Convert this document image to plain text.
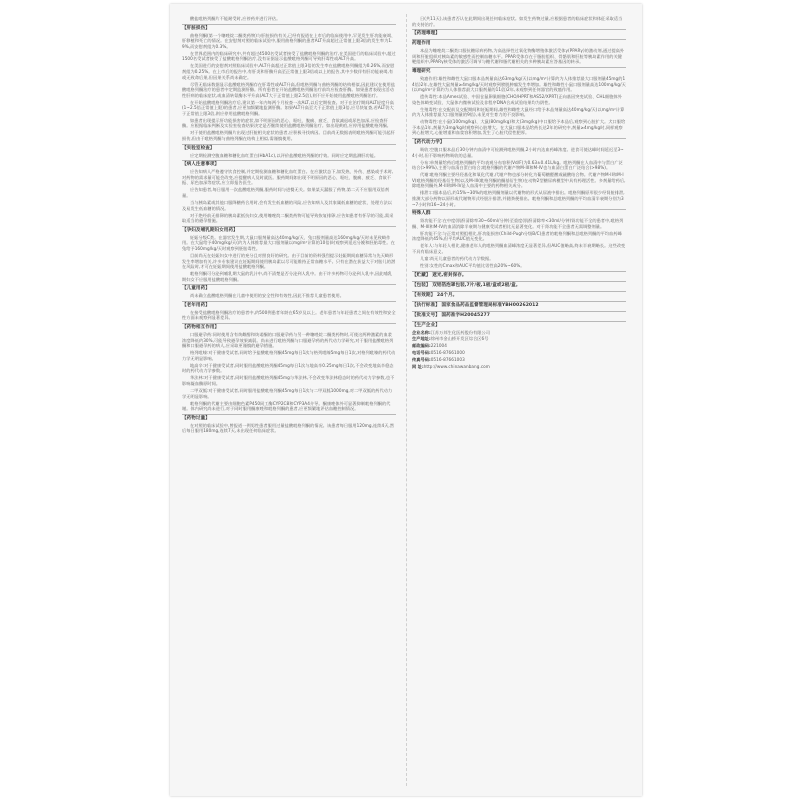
酸盐吡格列酮片不能耐受时,应停药并进行评估。

【肝脏损伤】

曲格列酮(第一个噻唑烷二酮类药物)与肝脏损伤有关,已经有报道在上市后的临床使用中,罕见发生肝功能衰竭、肝移植和死亡的情况。在安慰剂对照的临床试验中,服用曲格列酮的患者ALT升高超过正常值上限3倍的发生率为1.9%,而安慰剂组为0.3%。

在世界范围内的临床研究中,共有超过4500名受试者接受了盐酸吡格列酮的治疗,在美国进行的临床试验中,超过1500名受试者接受了盐酸吡格列酮治疗,没有证据显示盐酸吡格列酮可导致肝毒性或ALT升高。

在美国进行的安慰剂对照临床试验中,ALT升高超过正常值上限3倍的发生率在盐酸吡格列酮组为0.26%,而安慰剂组为0.25%。在上市后的报告中,有肝炎和肝酶升高至正常值上限3倍或以上的报告,其中少数伴有肝功能衰竭,有或无致命后果,但因果关系尚未确定。

尽管无临床数据显示盐酸吡格列酮存在肝毒性或ALT升高,但吡格列酮与曲格列酮的结构相似,因此建议在使用盐酸吡格列酮治疗的患者中定期监测肝酶。所有患者在开始盐酸吡格列酮治疗前均应检查肝酶。如果患者表现出活动性肝病的临床症状,或血清转氨酶水平升高(ALT大于正常值上限2.5倍),则不应开始使用盐酸吡格列酮治疗。

在开始盐酸吡格列酮治疗后,建议第一年内每两个月检查一次ALT,以后定期检查。对于在治疗期间ALT轻度升高(1~2.5倍正常值上限)的患者,应更加频繁地监测肝酶。如果ALT升高至大于正常值上限3倍,应尽快复查,若ALT仍大于正常值上限3倍,则应停用盐酸吡格列酮。

如患者出现提示肝功能损害的症状,如不明原因的恶心、呕吐、腹痛、疲乏、食欲减退或尿色加深,应检查肝酶。应根据临床判断及实验室检查结果决定是否继续使用盐酸吡格列酮治疗。如出现黄疸,应停用盐酸吡格列酮。

对于使用盐酸吡格列酮片出现过肝脏相关症状的患者,应积极寻找病因。目前尚无数据表明吡格列酮可能引起肝损伤,但由于吡格列酮与曲格列酮在结构上相似,需谨慎使用。

【实验室检查】

应定期检测空腹血糖和糖化血红蛋白(HbA1c),以评价盐酸吡格列酮的疗效。同时应定期监测肝功能。

【病人注意事项】

应告知病人严格遵守饮食控制,并定期检测血糖和糖化血红蛋白。在应激状态下,如发热、外伤、感染或手术时,对药物的需求量可能会改变,应提醒病人及时就医。服药期间如出现不明原因的恶心、呕吐、腹痛、疲乏、食欲不振、尿色加深等症状,应立即报告医生。

应告知患者,每日服用一次盐酸吡格列酮,服药时间与进餐无关。如果某天漏服了药物,第二天不应服用双倍剂量。

当与胰岛素或其他口服降糖药合用时,会有发生低血糖的风险,应告知病人及其家属低血糖的症状、处理方法以及易发生低血糖的情况。

对于绝经前无排卵的胰岛素抵抗妇女,使用噻唑烷二酮类药物可能导致恢复排卵,应告知患者有怀孕的可能,需采取适当的避孕措施。

【孕妇及哺乳期妇女用药】

妊娠分级C类。在器官发生期,大鼠口服剂量高达40mg/kg/天、兔口服剂量高达160mg/kg/天时未见致畸作用。在大鼠给予40mg/kg/天(约为人体推荐最大口服剂量以mg/m²计算的10倍)时观察到延迟分娩和胚胎毒性。在兔给予160mg/kg/天时观察到胚胎毒性。

目前尚无在妊娠妇女中进行的充分且对照良好的研究。由于目前的资料强烈提示妊娠期间血糖异常与先天畸形发生率增加有关,许多专家建议在妊娠期间使用胰岛素以尽可能维持正常血糖水平。只有在潜在获益大于对胎儿的潜在风险时,才可在妊娠期间使用盐酸吡格列酮。

吡格列酮可分泌到哺乳期大鼠的乳汁中,尚不清楚是否分泌到人乳中。由于许多药物可分泌到人乳中,因此哺乳期妇女不应服用盐酸吡格列酮。

【儿童用药】

尚未确立盐酸吡格列酮在儿童中使用的安全性和有效性,因此不推荐儿童患者使用。

【老年用药】

在接受盐酸吡格列酮治疗的患者中,约500例患者年龄在65岁及以上。老年患者与年轻患者之间在有效性和安全性方面未观察到显著差异。

【药物相互作用】

口服避孕药:同时使用含有炔雌醇和炔诺酮的口服避孕药与另一种噻唑烷二酮类药物时,可使这两种激素的血浆浓度降低约30%,可能导致避孕效果减弱。尚未进行吡格列酮与口服避孕药的药代动力学研究,对于服用盐酸吡格列酮和口服避孕药的病人,应采取更谨慎的避孕措施。

格列吡嗪:对于健康受试者,同时给予盐酸吡格列酮45mg每日1次与格列吡嗪5mg每日1次,对格列吡嗪的药代动力学无明显影响。

地高辛:对于健康受试者,同时服用盐酸吡格列酮45mg每日1次与地高辛0.25mg每日1次,不会改变地高辛稳态时的药代动力学参数。

华法林:对于健康受试者,同时服用盐酸吡格列酮45mg与华法林,不会改变华法林稳态时的药代动力学参数,也不影响凝血酶原时间。

二甲双胍:对于健康受试者,同时服用盐酸吡格列酮45mg每日1次与二甲双胍1000mg,对二甲双胍的药代动力学无明显影响。

吡格列酮的代谢主要由细胞色素P450同工酶CYP2C8和CYP3A4介导。酮康唑体外可显著抑制吡格列酮的代谢。体内研究尚未进行,对于同时服用酮康唑和吡格列酮的患者,应更频繁地评估血糖控制情况。

【药物过量】

在对照的临床试验中,曾报道一例男性患者服用过量盐酸吡格列酮的情况。该患者每日服用120mg,连续4天,然后每日服用180mg,连续7天,未出现任何临床症状。

日(共11天),该患者否认在此期间出现任何临床症状。如发生药物过量,应根据患者的临床症状和体征采取适当的支持治疗。

【药理毒理】
药理作用

本品为噻唑烷二酮类口服抗糖尿病药物,为高选择性过氧化物酶增殖体激活受体γ(PPARγ)的激动剂,通过提高外周和肝脏组织对胰岛素的敏感性而控制血糖水平。PPAR受体存在于脂肪组织、骨骼肌和肝脏等胰岛素作用的关键靶组织中,PPARγ核受体的激活可调节与糖代谢和脂代谢相关的多种胰岛素应答基因的转录。

毒理研究

致癌作用:雄性和雌性大鼠口服本品剂量高达63mg/kg/天(以mg/m²计算约为人体推荐最大口服剂量45mg的14倍)2年,在雄性大鼠剂量≥4mg/kg/天时观察到膀胱肿瘤发生率增加。雄性和雌性小鼠口服剂量高达100mg/kg/天(以mg/m²计算约为人体推荐最大口服剂量的11倍)2年,未观察到任何器官的致癌作用。

遗传毒性:本品Ames试验、中国仓鼠卵巢细胞(CHO/HPRT和AS52/XPRT)正向基因突变试验、CHL细胞体外染色体畸变试验、大鼠体内微核试验及非程序DNA合成试验结果均为阴性。

生殖毒性:在交配前及交配期间和妊娠期间,雄性和雌性大鼠经口给予本品剂量高达40mg/kg/天(以mg/m²计算约为人体推荐最大口服剂量的9倍),未见对生育力的不良影响。

动物毒性:在小鼠(100mg/kg)、大鼠(80mg/kg)和犬(3mg/kg)中口服给予本品后,观察到心脏扩大。犬口服给予本品1年,剂量为3mg/kg时观察到心脏增大。在大鼠口服本品给药长达2年的研究中,剂量≥4mg/kg时,同样观察到心脏增大,心脏增重和血浆容积增加,发生了心脏代偿性肥厚。

【药代动力学】

吸收:空腹口服本品后30分钟内血清中可检测到吡格列酮,2小时内达血药峰浓度。进食可使达峰时间延迟至3~4小时,但不影响药物吸收的总量。

分布:单剂量给药后吡格列酮的平均表观分布容积(Vd/F)为0.63±0.41L/kg。吡格列酮在人血清中与蛋白广泛结合(>99%),主要与血清白蛋白结合;吡格列酮的代谢产物M-III和M-IV也与血清白蛋白广泛结合(>98%)。

代谢:吡格列酮主要经羟基化和氧化代谢,代谢产物也部分转化为葡萄糖醛酸或硫酸结合物。代谢产物M-II和M-IV(吡格列酮的羟基衍生物)以及M-III(吡格列酮的酮基衍生物)在动物2型糖尿病模型中具有药理活性。多剂量给药后,除吡格列酮外,M-III和M-IV是人血清中主要的药物相关成分。

排泄:口服本品后,约15%~30%的吡格列酮剂量以代谢物的形式从尿液中排出。吡格列酮原形很少经肾脏排泄,推测大部分药物以原形或代谢物形式经胆汁排泄,并随粪便排出。吡格列酮和总吡格列酮的平均血清半衰期分别为3~7小时和16~24小时。

特殊人群

肾功能不全:在中度(肌酐清除率30~60ml/分钟)至重度(肌酐清除率<30ml/分钟)肾功能不全的患者中,吡格列酮、M-III和M-IV的血清消除半衰期与健康受试者相比无显著变化。对于肾功能不全患者无需调整剂量。

肝功能不全:与正常对照组相比,肝功能损害(Child-Pugh分级B/C)患者的吡格列酮和总吡格列酮的平均血药峰浓度降低约45%,但平均AUC值无变化。

老年人:与年轻人相比,健康老年人的吡格列酮血清峰浓度无显著差异,但AUC值略高,终末半衰期略长。这些改变不具有临床意义。

儿童:尚无儿童患者的药代动力学数据。

性别:女性的Cmax和AUC平均值比男性高20%~60%。

【贮藏】 遮光,密封保存。
【包装】 双铝箔泡罩包装,7片/板,1板/盒或2板/盒。
【有效期】 24个月。
【执行标准】 国家食品药品监督管理局标准YBH00262012
【批准文号】 国药准字H20045277
【生产企业】

企业名称:江苏万邦生化医药股份有限公司

生产地址:徐州市金山桥开发区综合区6号

邮政编码:221004

电话号码:0516-87661000

传真号码:0516-87661003

网 址:http://www.chinawanbang.com
